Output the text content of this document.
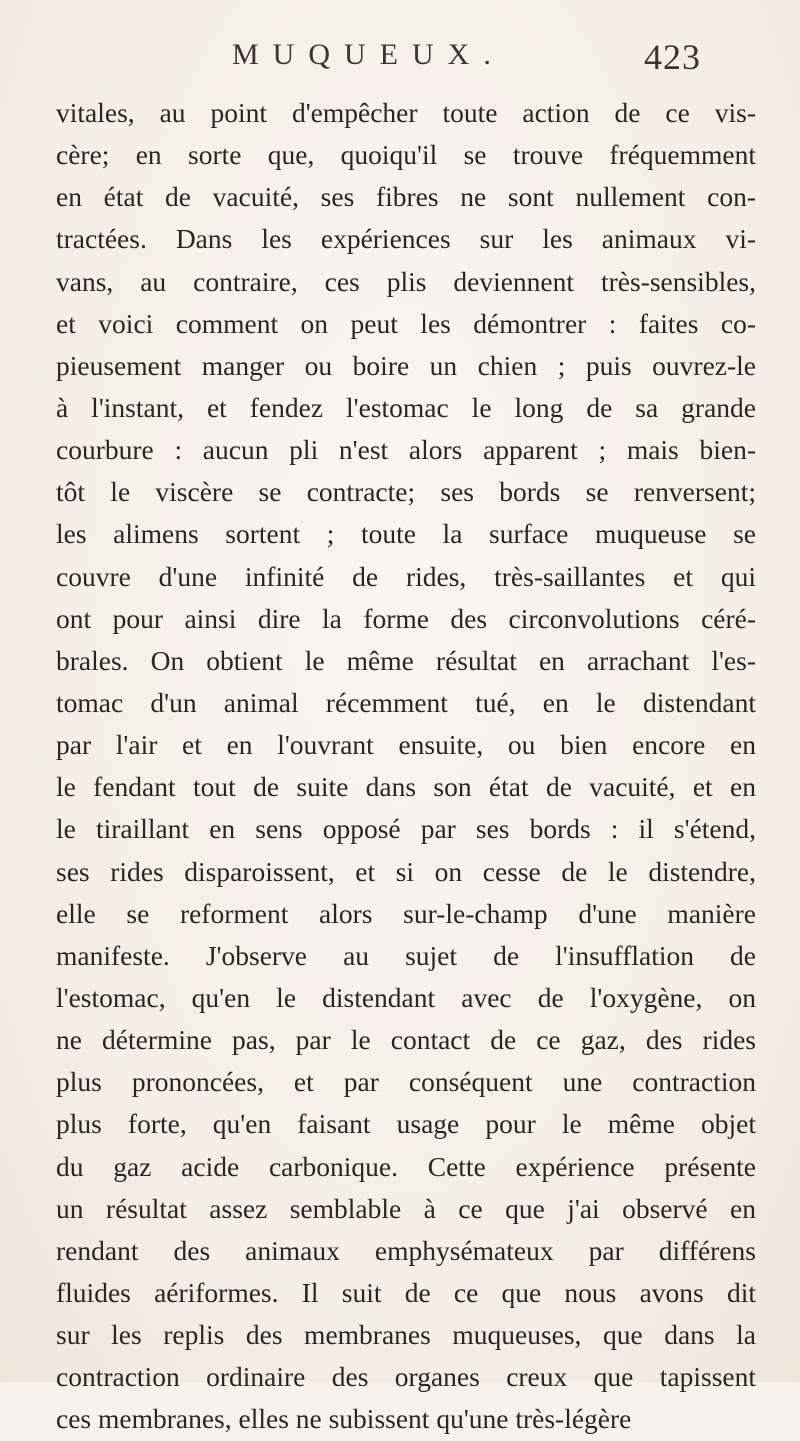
MUQUEUX.	423
vitales, au point d'empêcher toute action de ce vis-
cère; en sorte que, quoiqu'il se trouve fréquemment
en état de vacuité, ses fibres ne sont nullement con-
tractées. Dans les expériences sur les animaux vi-
vans, au contraire, ces plis deviennent très-sensibles,
et voici comment on peut les démontrer : faites co-
pieusement manger ou boire un chien ; puis ouvrez-le
à l'instant, et fendez l'estomac le long de sa grande
courbure : aucun pli n'est alors apparent ; mais bien-
tôt le viscère se contracte; ses bords se renversent;
les alimens sortent ; toute la surface muqueuse se
couvre d'une infinité de rides, très-saillantes et qui
ont pour ainsi dire la forme des circonvolutions céré-
brales. On obtient le même résultat en arrachant l'es-
tomac d'un animal récemment tué, en le distendant
par l'air et en l'ouvrant ensuite, ou bien encore en
le fendant tout de suite dans son état de vacuité, et en
le tiraillant en sens opposé par ses bords : il s'étend,
ses rides disparoissent, et si on cesse de le distendre,
elle se reforment alors sur-le-champ d'une manière
manifeste. J'observe au sujet de l'insufflation de
l'estomac, qu'en le distendant avec de l'oxygène, on
ne détermine pas, par le contact de ce gaz, des rides
plus prononcées, et par conséquent une contraction
plus forte, qu'en faisant usage pour le même objet
du gaz acide carbonique. Cette expérience présente
un résultat assez semblable à ce que j'ai observé en
rendant des animaux emphysémateux par différens
fluides aériformes. Il suit de ce que nous avons dit
sur les replis des membranes muqueuses, que dans la
contraction ordinaire des organes creux que tapissent
ces membranes, elles ne subissent qu'une très-légère
